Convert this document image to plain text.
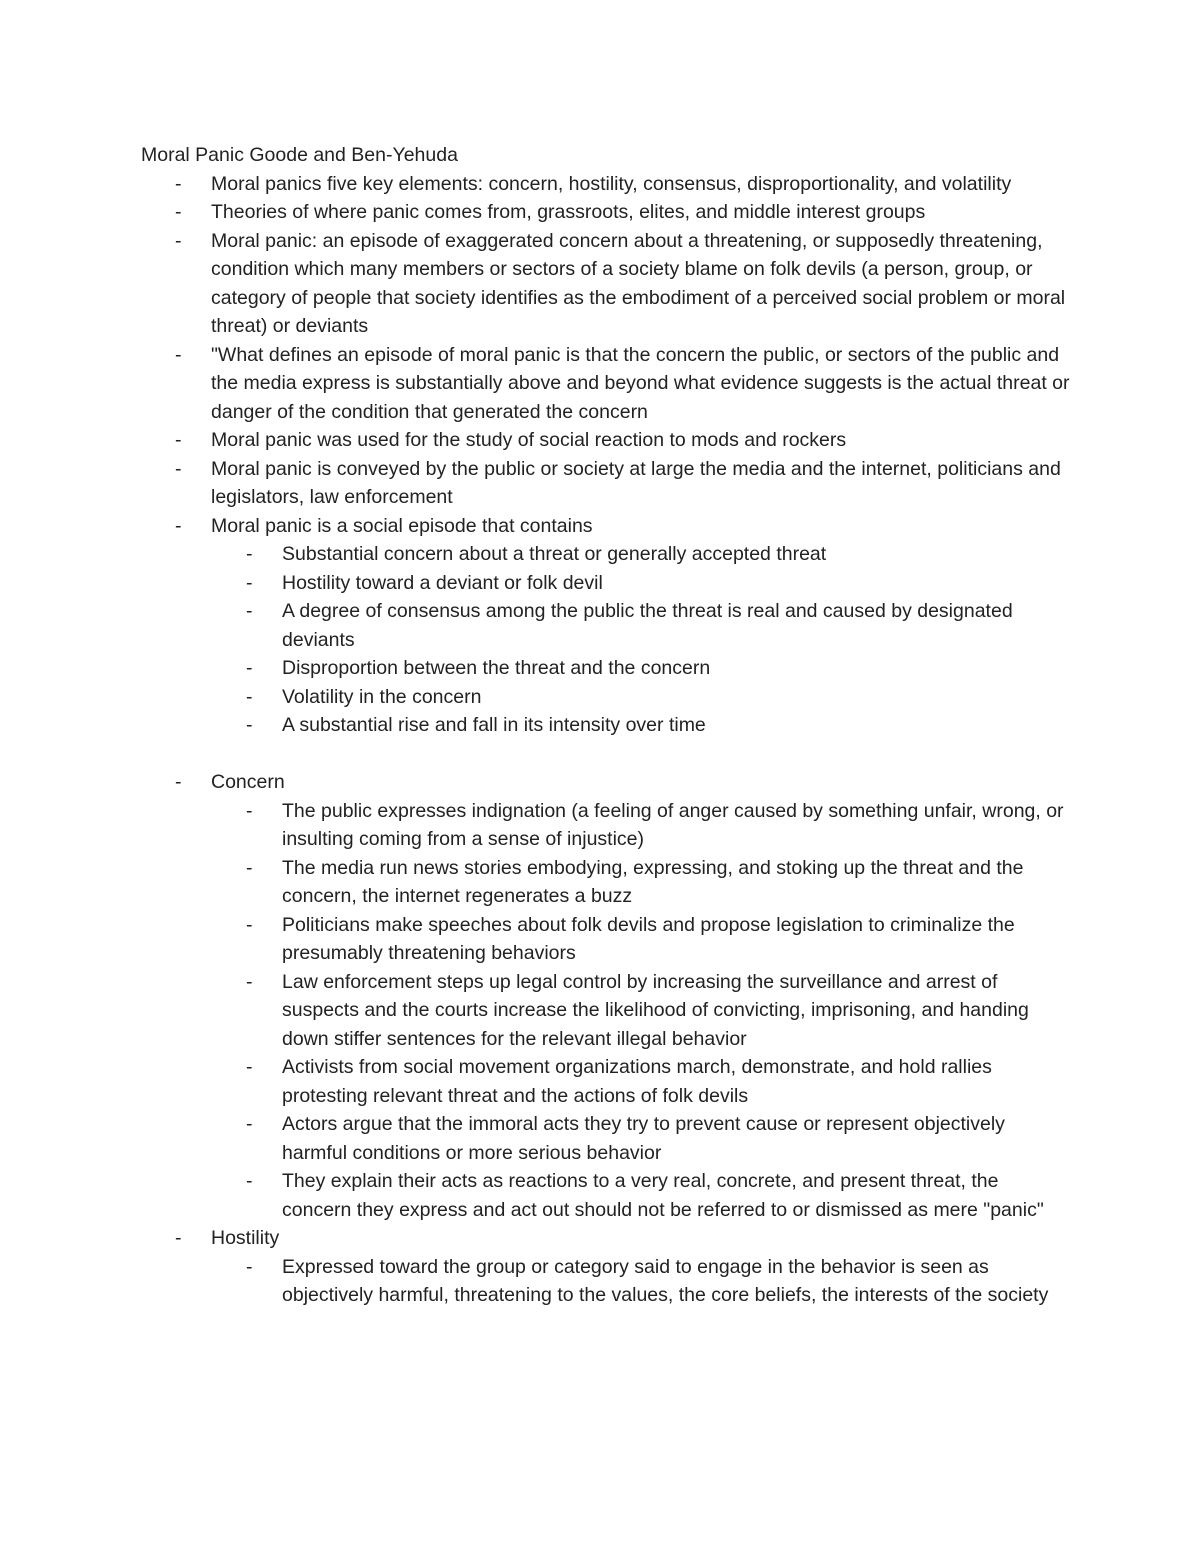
Moral Panic Goode and Ben-Yehuda
- Moral panics five key elements: concern, hostility, consensus, disproportionality, and volatility
- Theories of where panic comes from, grassroots, elites, and middle interest groups
- Moral panic: an episode of exaggerated concern about a threatening, or supposedly threatening, condition which many members or sectors of a society blame on folk devils (a person, group, or category of people that society identifies as the embodiment of a perceived social problem or moral threat) or deviants
- "What defines an episode of moral panic is that the concern the public, or sectors of the public and the media express is substantially above and beyond what evidence suggests is the actual threat or danger of the condition that generated the concern
- Moral panic was used for the study of social reaction to mods and rockers
- Moral panic is conveyed by the public or society at large the media and the internet, politicians and legislators, law enforcement
- Moral panic is a social episode that contains
- Substantial concern about a threat or generally accepted threat
- Hostility toward a deviant or folk devil
- A degree of consensus among the public the threat is real and caused by designated deviants
- Disproportion between the threat and the concern
- Volatility in the concern
- A substantial rise and fall in its intensity over time
- Concern
- The public expresses indignation (a feeling of anger caused by something unfair, wrong, or insulting coming from a sense of injustice)
- The media run news stories embodying, expressing, and stoking up the threat and the concern, the internet regenerates a buzz
- Politicians make speeches about folk devils and propose legislation to criminalize the presumably threatening behaviors
- Law enforcement steps up legal control by increasing the surveillance and arrest of suspects and the courts increase the likelihood of convicting, imprisoning, and handing down stiffer sentences for the relevant illegal behavior
- Activists from social movement organizations march, demonstrate, and hold rallies protesting relevant threat and the actions of folk devils
- Actors argue that the immoral acts they try to prevent cause or represent objectively harmful conditions or more serious behavior
- They explain their acts as reactions to a very real, concrete, and present threat, the concern they express and act out should not be referred to or dismissed as mere "panic"
- Hostility
- Expressed toward the group or category said to engage in the behavior is seen as objectively harmful, threatening to the values, the core beliefs, the interests of the society
